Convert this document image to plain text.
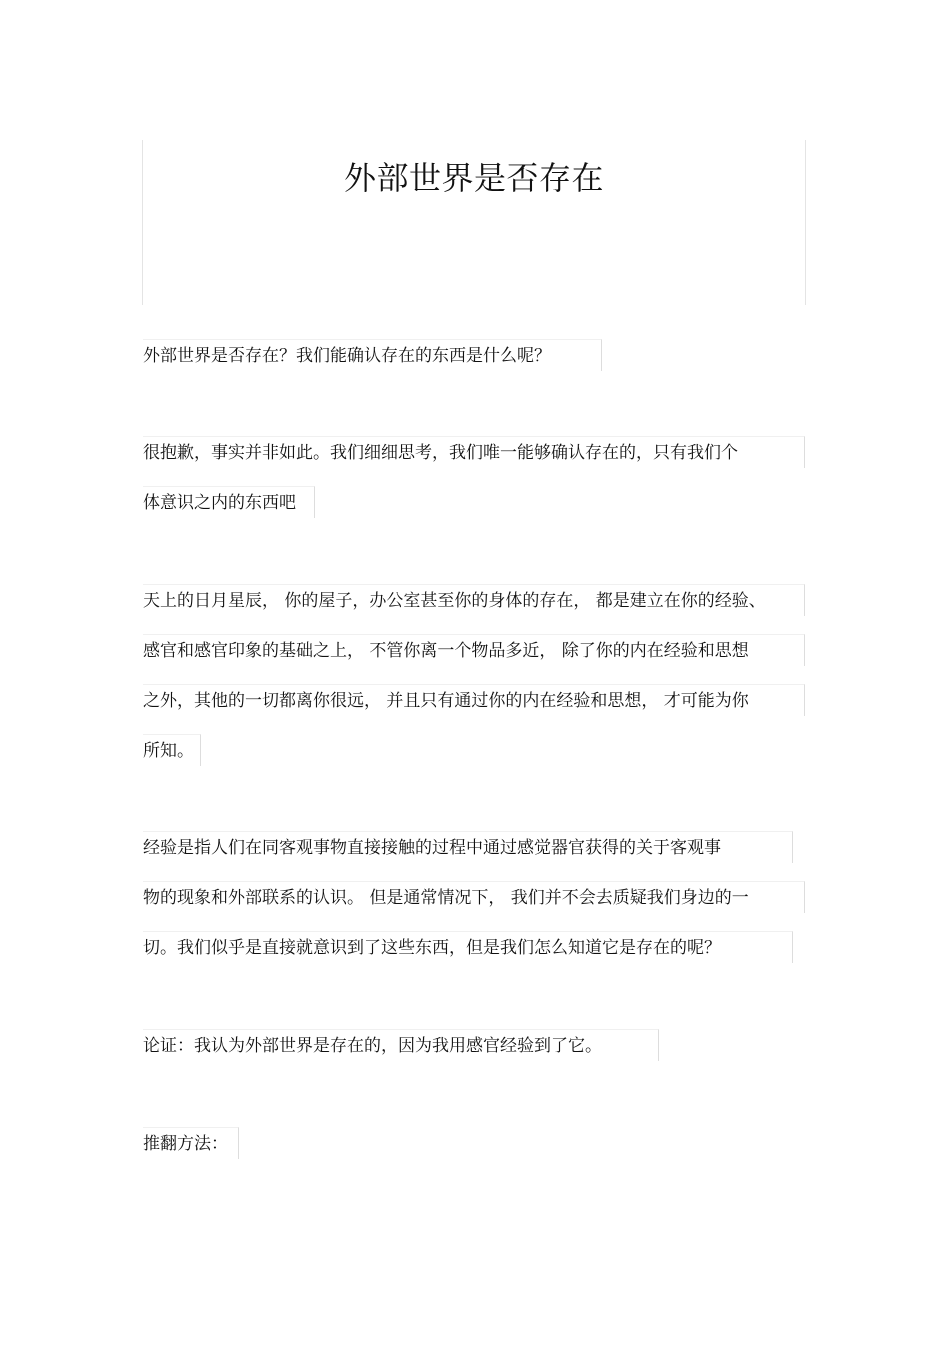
外部世界是否存在
外部世界是否存在？我们能确认存在的东西是什么呢？
很抱歉，事实并非如此。我们细细思考，我们唯一能够确认存在的，只有我们个
体意识之内的东西吧
天上的日月星辰， 你的屋子，办公室甚至你的身体的存在， 都是建立在你的经验、
感官和感官印象的基础之上， 不管你离一个物品多近， 除了你的内在经验和思想
之外，其他的一切都离你很远， 并且只有通过你的内在经验和思想， 才可能为你
所知。
经验是指人们在同客观事物直接接触的过程中通过感觉器官获得的关于客观事
物的现象和外部联系的认识。 但是通常情况下， 我们并不会去质疑我们身边的一
切。我们似乎是直接就意识到了这些东西，但是我们怎么知道它是存在的呢？
论证：我认为外部世界是存在的，因为我用感官经验到了它。
推翻方法：
